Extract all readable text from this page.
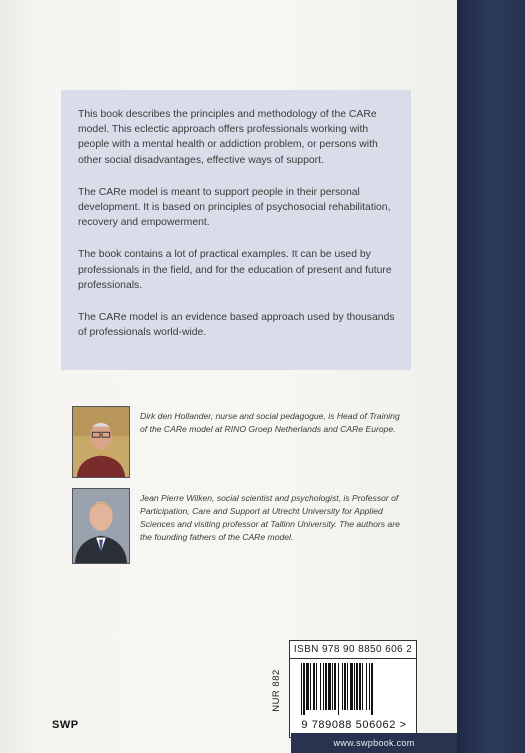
This book describes the principles and methodology of the CARe model. This eclectic approach offers professionals working with people with a mental health or addiction problem, or persons with other social disadvantages, effective ways of support.

The CARe model is meant to support people in their personal development. It is based on principles of psychosocial rehabilitation, recovery and empowerment.

The book contains a lot of practical examples. It can be used by professionals in the field, and for the education of present and future professionals.

The CARe model is an evidence based approach used by thousands of professionals world-wide.

Dirk den Hollander, nurse and social pedagogue, is Head of Training of the CARe model at RINO Groep Netherlands and CARe Europe.

Jean Pierre Wilken, social scientist and psychologist, is Professor of Participation, Care and Support at Utrecht University for Applied Sciences and visiting professor at Tallinn University. The authors are the founding fathers of the CARe model.

NUR 882
ISBN 978 90 8850 606 2
9 789088 506062 >
SWP
www.swpbook.com
